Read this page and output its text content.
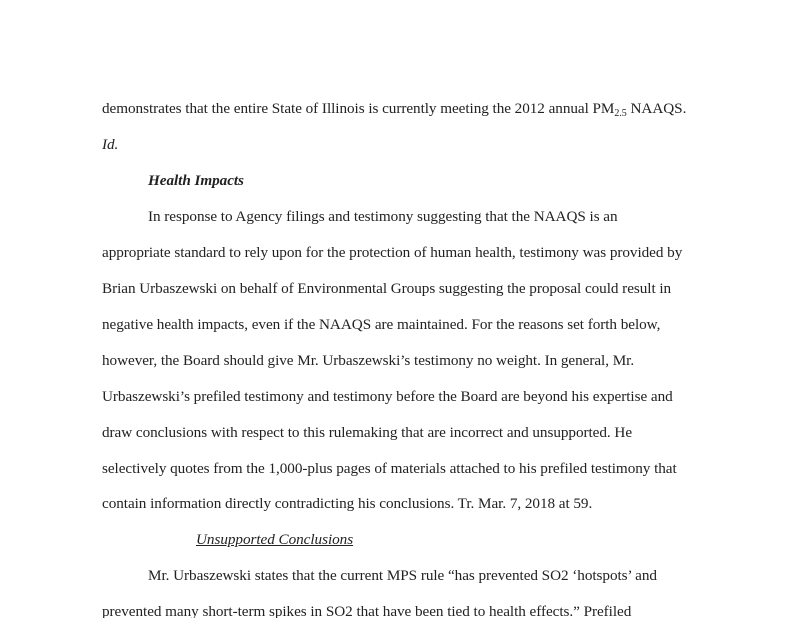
demonstrates that the entire State of Illinois is currently meeting the 2012 annual $PM_{2.5}$ NAAQS.
Id.
Health Impacts
In response to Agency filings and testimony suggesting that the NAAQS is an
appropriate standard to rely upon for the protection of human health, testimony was provided by
Brian Urbaszewski on behalf of Environmental Groups suggesting the proposal could result in
negative health impacts, even if the NAAQS are maintained. For the reasons set forth below,
however, the Board should give Mr. Urbaszewski’s testimony no weight. In general, Mr.
Urbaszewski’s prefiled testimony and testimony before the Board are beyond his expertise and
draw conclusions with respect to this rulemaking that are incorrect and unsupported. He
selectively quotes from the 1,000-plus pages of materials attached to his prefiled testimony that
contain information directly contradicting his conclusions. Tr. Mar. 7, 2018 at 59.
Unsupported Conclusions
Mr. Urbaszewski states that the current MPS rule “has prevented SO2 ‘hotspots’ and
prevented many short-term spikes in SO2 that have been tied to health effects.” Prefiled
